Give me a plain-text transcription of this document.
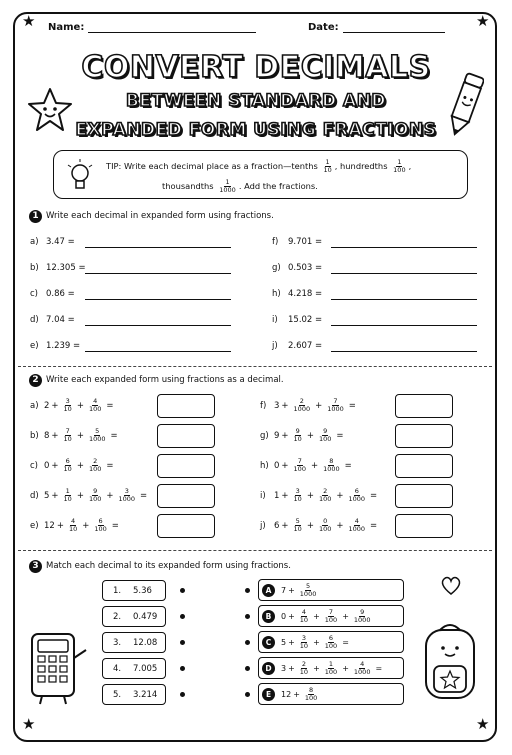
★	★
★	★
Name:	Date:
CONVERT DECIMALS
BETWEEN STANDARD AND
EXPANDED FORM USING FRACTIONS
TIP: Write each decimal place as a fraction—tenths $\frac{1}{10}$ , hundredths $\frac{1}{100}$ ,
thousandths $\frac{1}{1000}$ . Add the fractions.
1 Write each decimal in expanded form using fractions.
a) 3.47 =	f) 9.701 =
b) 12.305 =	g) 0.503 =
c) 0.86 =	h) 4.218 =
d) 7.04 =	i) 15.02 =
e) 1.239 =	j) 2.607 =
2 Write each expanded form using fractions as a decimal.
a) $2 + \frac{3}{10} + \frac{4}{100}$ =	f) $3 + \frac{2}{1000} + \frac{7}{1000}$ =
b) $8 + \frac{7}{10} + \frac{5}{1000}$ =	g) $9 + \frac{9}{10} + \frac{9}{100}$ =
c) $0 + \frac{6}{10} + \frac{2}{100}$ =	h) $0 + \frac{7}{100} + \frac{8}{1000}$ =
d) $5 + \frac{1}{10} + \frac{9}{100} + \frac{3}{1000}$ =	i) $1 + \frac{3}{10} + \frac{2}{100} + \frac{6}{1000}$ =
e) $12 + \frac{4}{10} + \frac{6}{100}$ =	j) $6 + \frac{5}{10} + \frac{0}{100} + \frac{4}{1000}$ =
3 Match each decimal to its expanded form using fractions.
1.	5.36
2.	0.479
3.	12.08
4.	7.005
5.	3.214
A	$7 + \frac{5}{1000}$
B	$0 + \frac{4}{10} + \frac{7}{100} + \frac{9}{1000}$
C	$5 + \frac{3}{10} + \frac{6}{100}$ =
D	$3 + \frac{2}{10} + \frac{1}{100} + \frac{4}{1000}$ =
E	$12 + \frac{8}{100}$
